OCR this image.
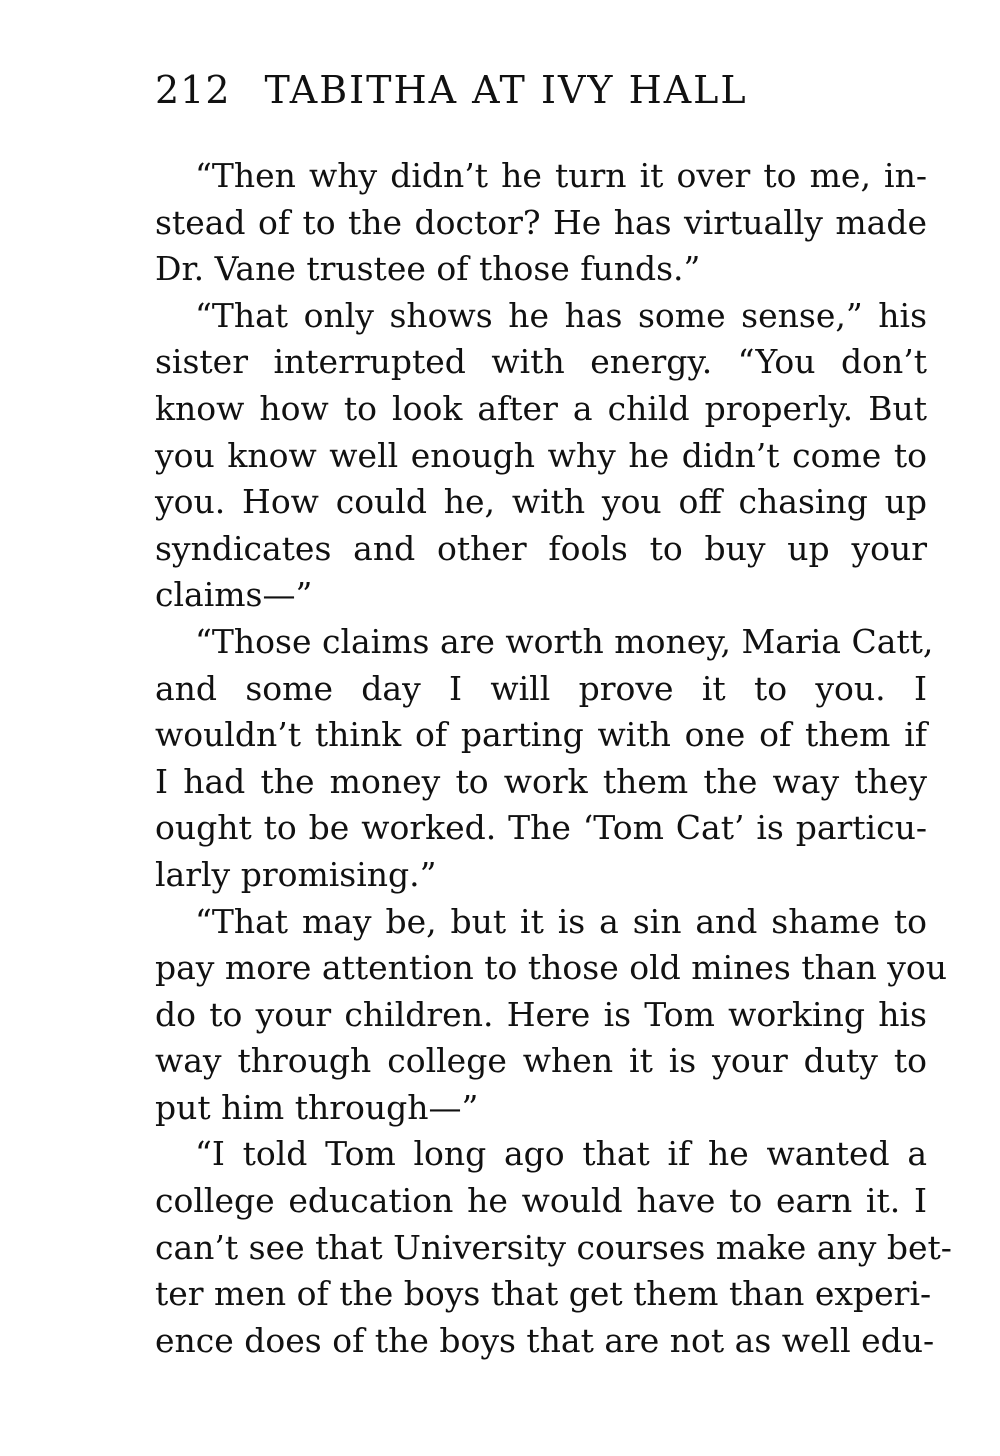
212 TABITHA AT IVY HALL
“Then why didn’t he turn it over to me, in-
stead of to the doctor? He has virtually made
Dr. Vane trustee of those funds.”
“That only shows he has some sense,” his
sister interrupted with energy. “You don’t
know how to look after a child properly. But
you know well enough why he didn’t come to
you. How could he, with you off chasing up
syndicates and other fools to buy up your
claims—”
“Those claims are worth money, Maria Catt,
and some day I will prove it to you. I
wouldn’t think of parting with one of them if
I had the money to work them the way they
ought to be worked. The ‘Tom Cat’ is particu-
larly promising.”
“That may be, but it is a sin and shame to
pay more attention to those old mines than you
do to your children. Here is Tom working his
way through college when it is your duty to
put him through—”
“I told Tom long ago that if he wanted a
college education he would have to earn it. I
can’t see that University courses make any bet-
ter men of the boys that get them than experi-
ence does of the boys that are not as well edu-
